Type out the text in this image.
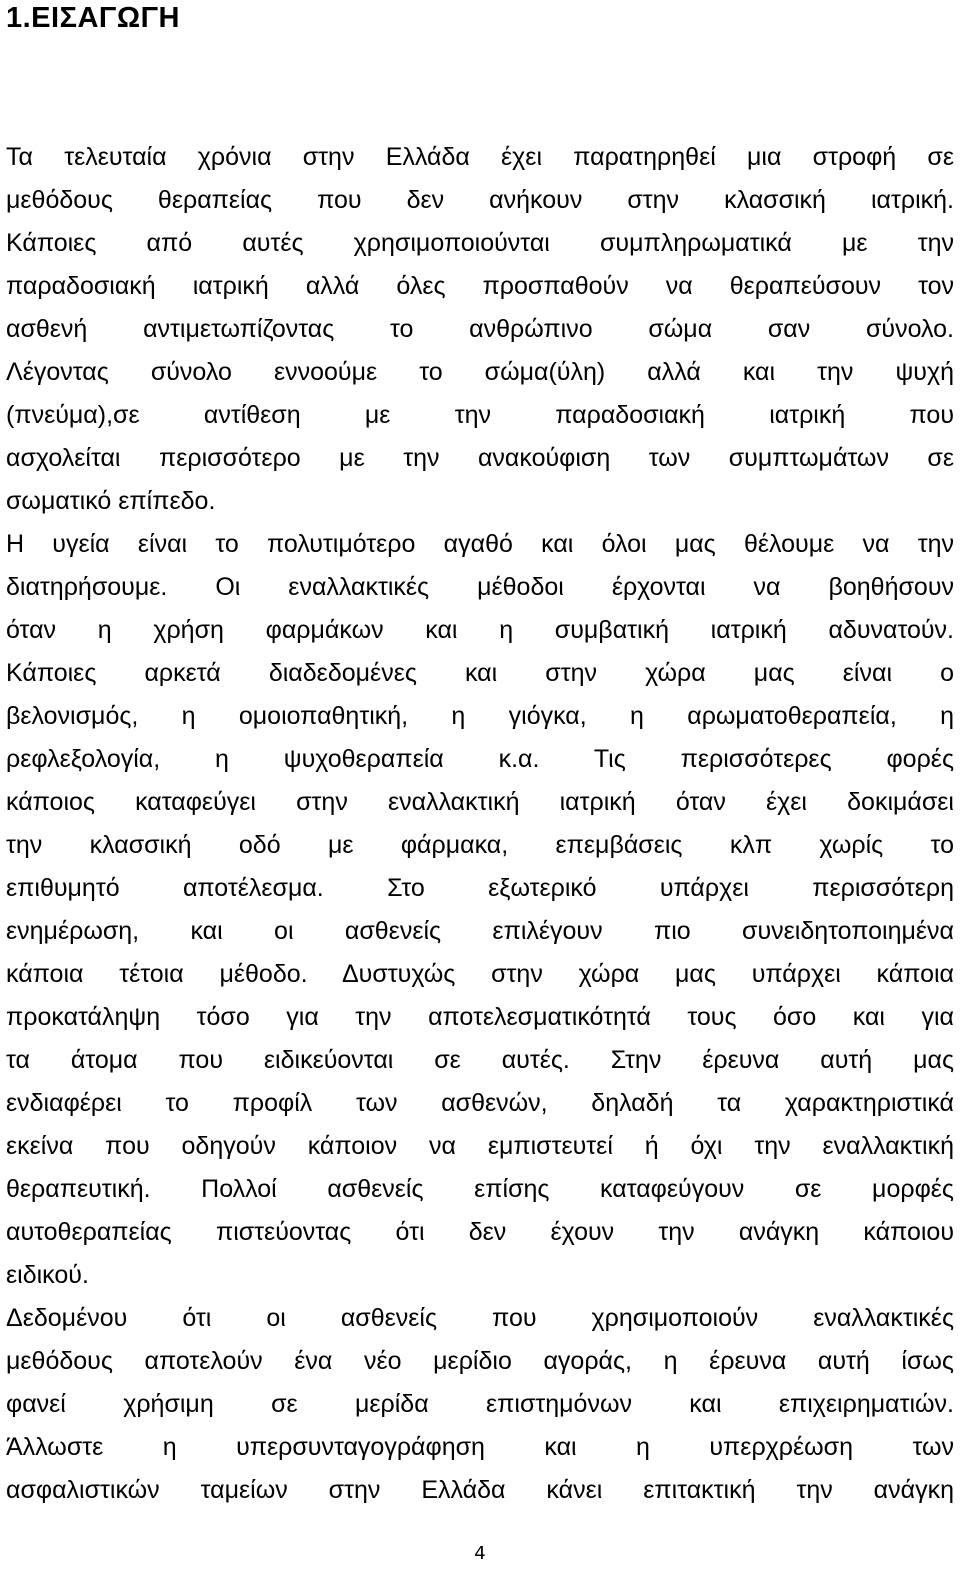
1.ΕΙΣΑΓΩΓΗ
Τα τελευταία χρόνια στην Ελλάδα έχει παρατηρηθεί μια στροφή σε
μεθόδους θεραπείας που δεν ανήκουν στην κλασσική ιατρική.
Κάποιες από αυτές χρησιμοποιούνται συμπληρωματικά με την
παραδοσιακή ιατρική αλλά όλες προσπαθούν να θεραπεύσουν τον
ασθενή αντιμετωπίζοντας το ανθρώπινο σώμα σαν σύνολο.
Λέγοντας σύνολο εννοούμε το σώμα(ύλη) αλλά και την ψυχή
(πνεύμα),σε αντίθεση με την παραδοσιακή ιατρική που
ασχολείται περισσότερο με την ανακούφιση των συμπτωμάτων σε
σωματικό επίπεδο.
Η υγεία είναι το πολυτιμότερο αγαθό και όλοι μας θέλουμε να την
διατηρήσουμε. Οι εναλλακτικές μέθοδοι έρχονται να βοηθήσουν
όταν η χρήση φαρμάκων και η συμβατική ιατρική αδυνατούν.
Κάποιες αρκετά διαδεδομένες και στην χώρα μας είναι ο
βελονισμός, η ομοιοπαθητική, η γιόγκα, η αρωματοθεραπεία, η
ρεφλεξολογία, η ψυχοθεραπεία κ.α. Τις περισσότερες φορές
κάποιος καταφεύγει στην εναλλακτική ιατρική όταν έχει δοκιμάσει
την κλασσική οδό με φάρμακα, επεμβάσεις κλπ χωρίς το
επιθυμητό αποτέλεσμα. Στο εξωτερικό υπάρχει περισσότερη
ενημέρωση, και οι ασθενείς επιλέγουν πιο συνειδητοποιημένα
κάποια τέτοια μέθοδο. Δυστυχώς στην χώρα μας υπάρχει κάποια
προκατάληψη τόσο για την αποτελεσματικότητά τους όσο και για
τα άτομα που ειδικεύονται σε αυτές. Στην έρευνα αυτή μας
ενδιαφέρει το προφίλ των ασθενών, δηλαδή τα χαρακτηριστικά
εκείνα που οδηγούν κάποιον να εμπιστευτεί ή όχι την εναλλακτική
θεραπευτική. Πολλοί ασθενείς επίσης καταφεύγουν σε μορφές
αυτοθεραπείας πιστεύοντας ότι δεν έχουν την ανάγκη κάποιου
ειδικού.
Δεδομένου ότι οι ασθενείς που χρησιμοποιούν εναλλακτικές
μεθόδους αποτελούν ένα νέο μερίδιο αγοράς, η έρευνα αυτή ίσως
φανεί χρήσιμη σε μερίδα επιστημόνων και επιχειρηματιών.
Άλλωστε η υπερσυνταγογράφηση και η υπερχρέωση των
ασφαλιστικών ταμείων στην Ελλάδα κάνει επιτακτική την ανάγκη
4
